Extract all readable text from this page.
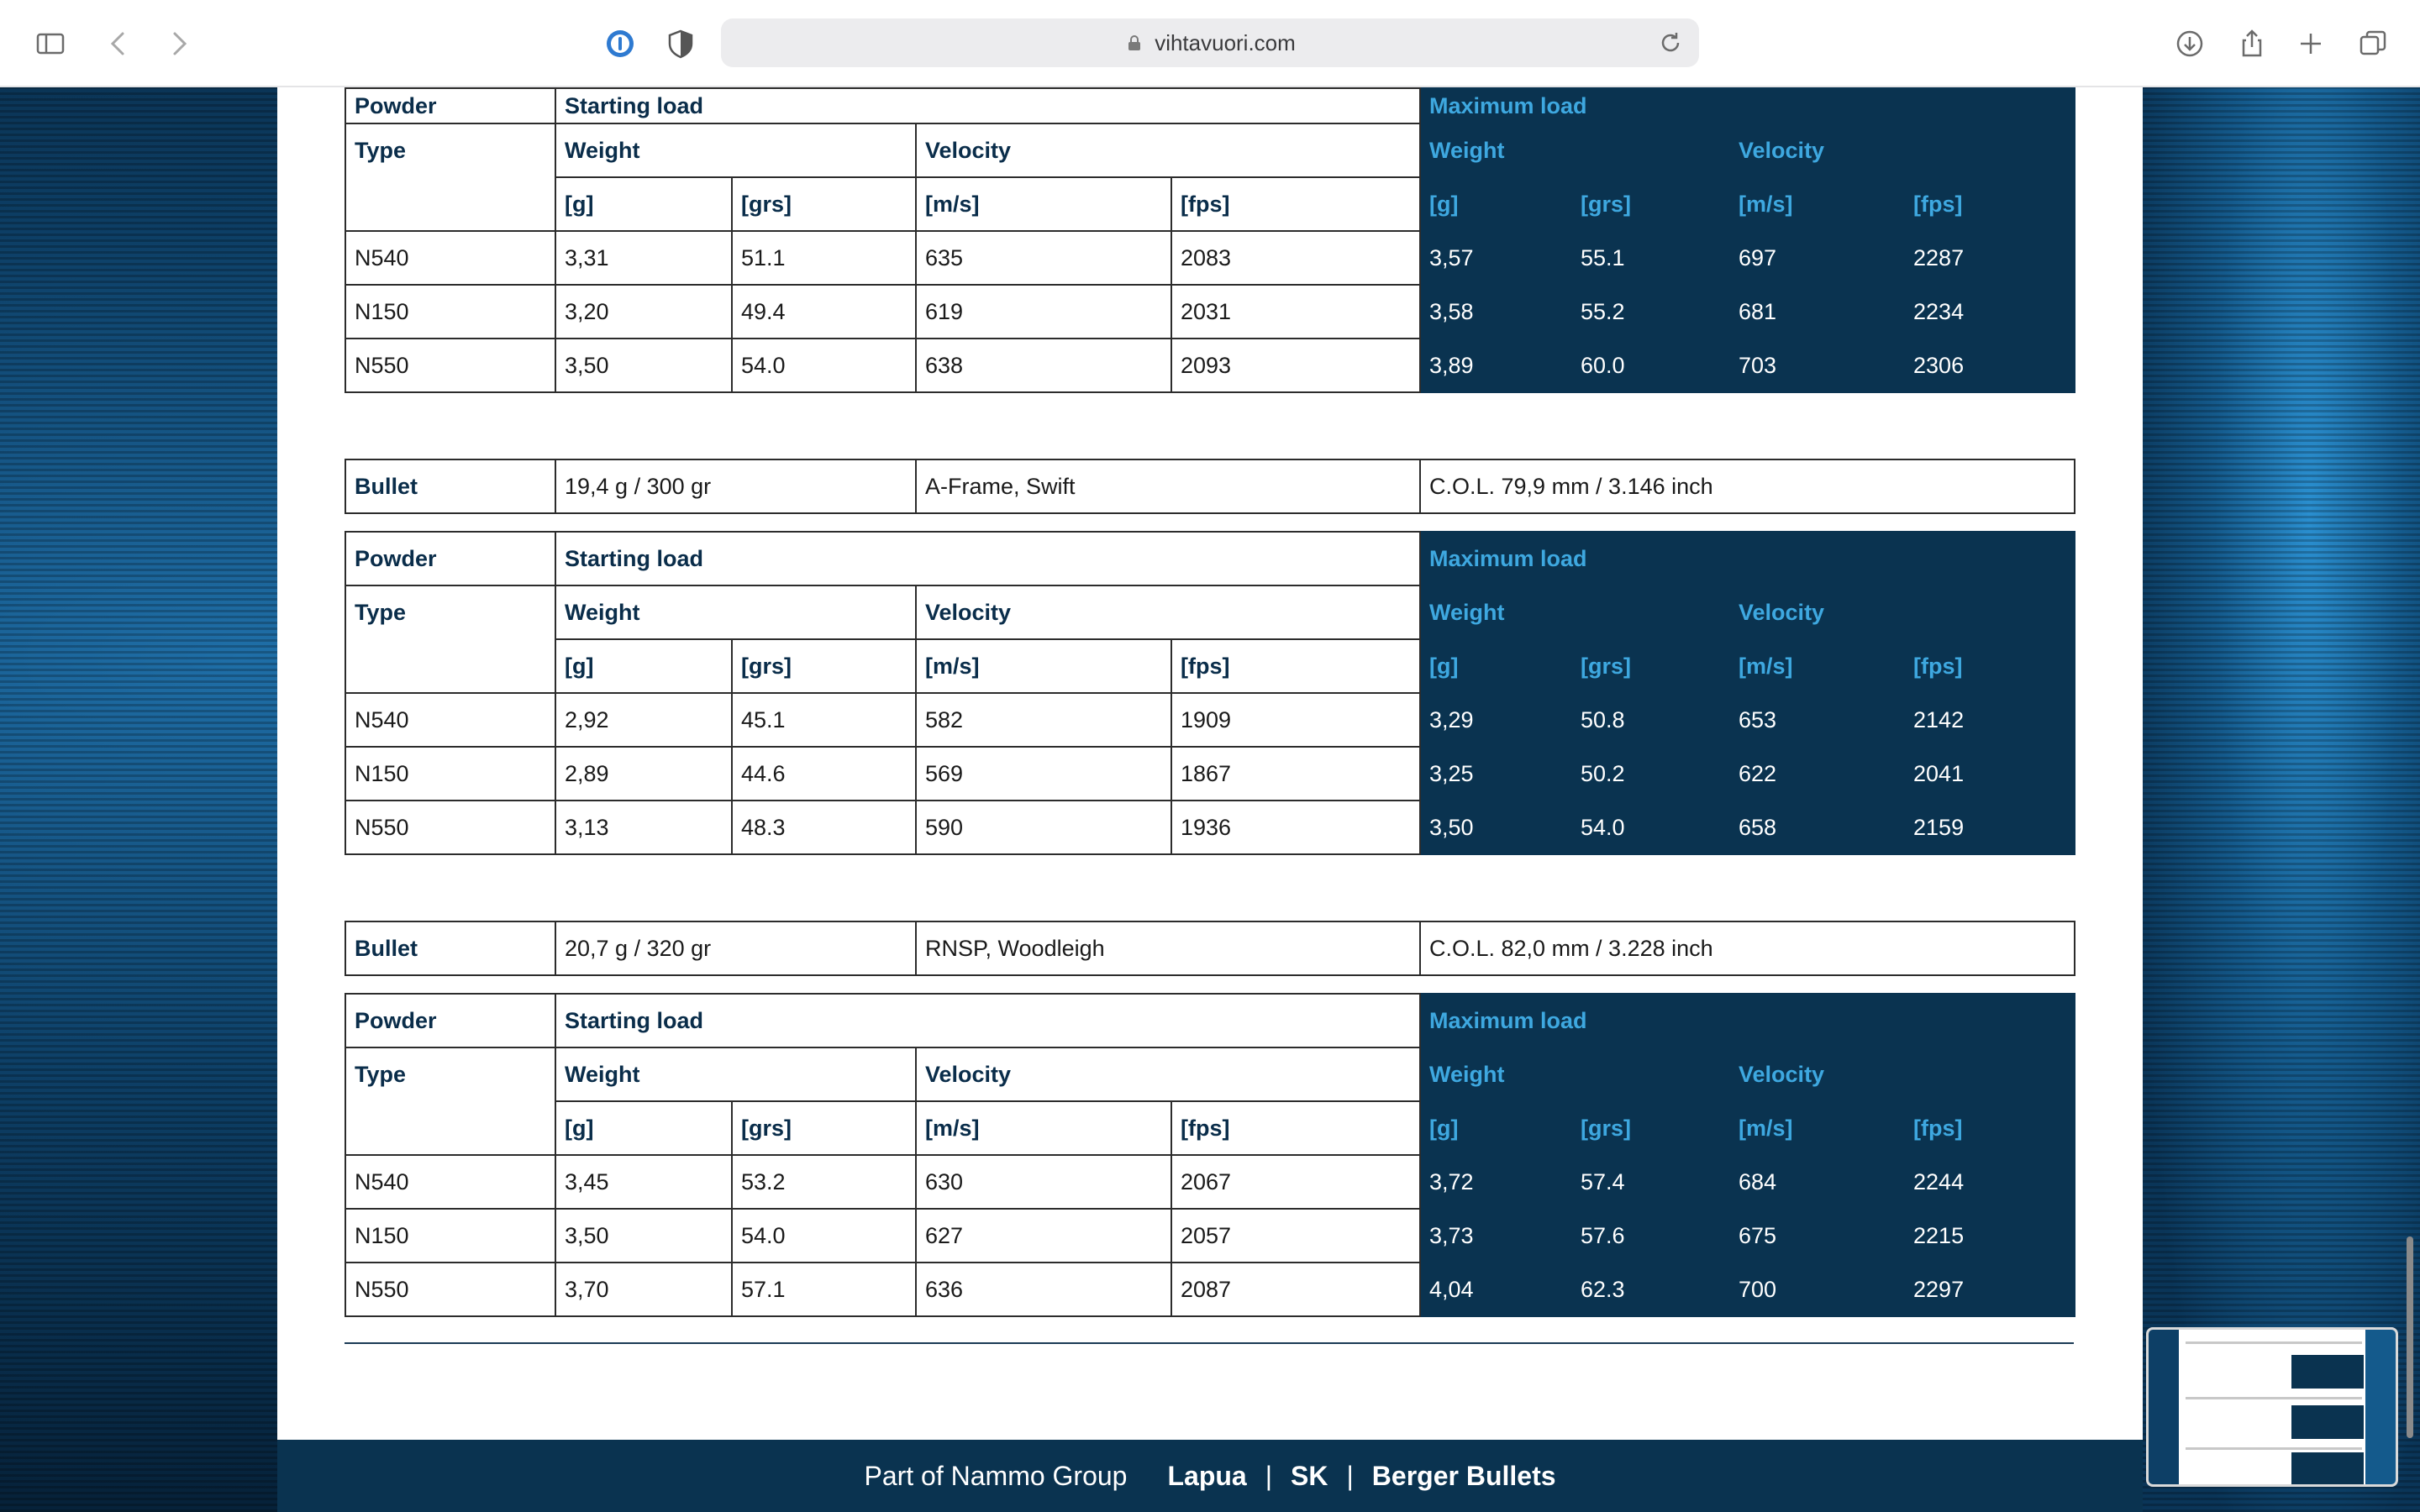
vihtavuori.com
Powder	Starting load				Maximum load			
Type	Weight		Velocity		Weight		Velocity	
	[g]	[grs]	[m/s]	[fps]	[g]	[grs]	[m/s]	[fps]
N540	3,31	51.1	635	2083	3,57	55.1	697	2287
N150	3,20	49.4	619	2031	3,58	55.2	681	2234
N550	3,50	54.0	638	2093	3,89	60.0	703	2306
Bullet	19,4 g / 300 gr	A-Frame, Swift	C.O.L. 79,9 mm / 3.146 inch
Powder	Starting load				Maximum load			
Type	Weight		Velocity		Weight		Velocity	
	[g]	[grs]	[m/s]	[fps]	[g]	[grs]	[m/s]	[fps]
N540	2,92	45.1	582	1909	3,29	50.8	653	2142
N150	2,89	44.6	569	1867	3,25	50.2	622	2041
N550	3,13	48.3	590	1936	3,50	54.0	658	2159
Bullet	20,7 g / 320 gr	RNSP, Woodleigh	C.O.L. 82,0 mm / 3.228 inch
Powder	Starting load				Maximum load			
Type	Weight		Velocity		Weight		Velocity	
	[g]	[grs]	[m/s]	[fps]	[g]	[grs]	[m/s]	[fps]
N540	3,45	53.2	630	2067	3,72	57.4	684	2244
N150	3,50	54.0	627	2057	3,73	57.6	675	2215
N550	3,70	57.1	636	2087	4,04	62.3	700	2297
Part of Nammo Group Lapua | SK | Berger Bullets
